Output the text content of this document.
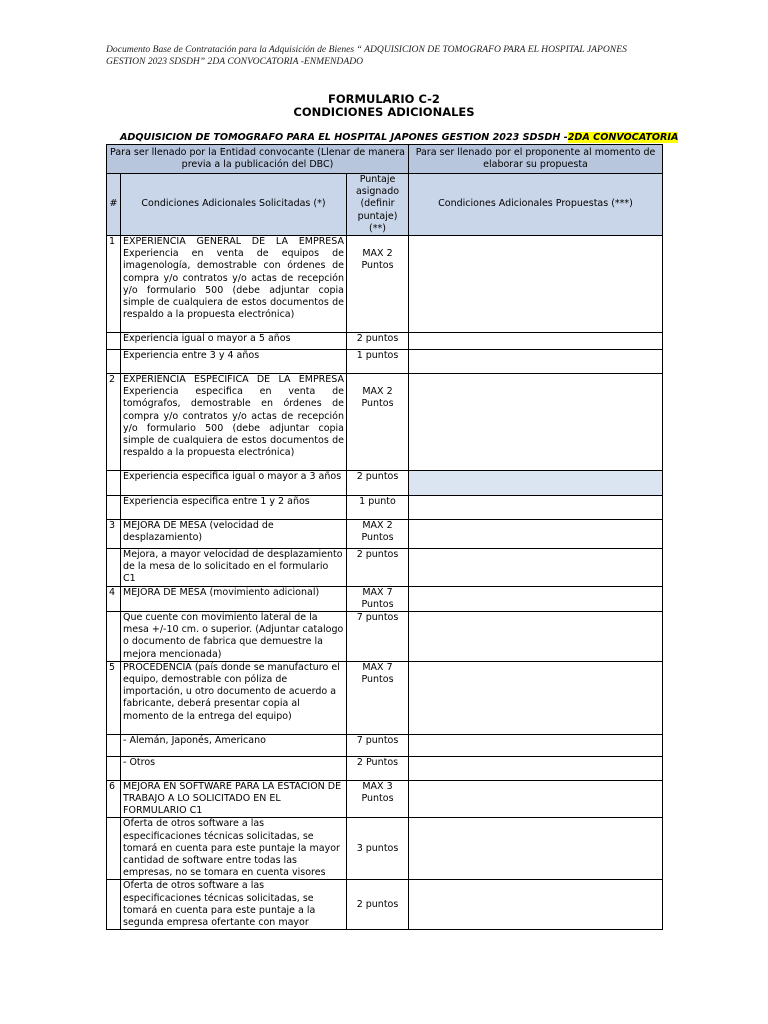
Documento Base de Contratación para la Adquisición de Bienes “ ADQUISICION DE TOMOGRAFO PARA EL HOSPITAL JAPONES GESTION 2023 SDSDH” 2DA CONVOCATORIA -ENMENDADO
FORMULARIO C-2
CONDICIONES ADICIONALES
ADQUISICION DE TOMOGRAFO PARA EL HOSPITAL JAPONES GESTION 2023 SDSDH -2DA CONVOCATORIA
Para ser llenado por la Entidad convocante (Llenar de manera previa a la publicación del DBC)			Para ser llenado por el proponente al momento de elaborar su propuesta
#	Condiciones Adicionales Solicitadas (*)	Puntaje asignado (definir puntaje) (**)	Condiciones Adicionales Propuestas (***)
1	EXPERIENCIA GENERAL DE LA EMPRESA Experiencia en venta de equipos de imagenología, demostrable con órdenes de compra y/o contratos y/o actas de recepción y/o formulario 500 (debe adjuntar copia simple de cualquiera de estos documentos de respaldo a la propuesta electrónica)	MAX 2 Puntos	
	Experiencia igual o mayor a 5 años	2 puntos	
	Experiencia entre 3 y 4 años	1 puntos	
2	EXPERIENCIA ESPECIFICA DE LA EMPRESA Experiencia especifica en venta de tomógrafos, demostrable en órdenes de compra y/o contratos y/o actas de recepción y/o formulario 500 (debe adjuntar copia simple de cualquiera de estos documentos de respaldo a la propuesta electrónica)	MAX 2 Puntos	
	Experiencia especifica igual o mayor a 3 años	2 puntos	
	Experiencia especifica entre 1 y 2 años	1 punto	
3	MEJORA DE MESA (velocidad de desplazamiento)	MAX 2 Puntos	
	Mejora, a mayor velocidad de desplazamiento de la mesa de lo solicitado en el formulario C1	2 puntos	
4	MEJORA DE MESA (movimiento adicional)	MAX 7 Puntos	
	Que cuente con movimiento lateral de la mesa +/-10 cm. o superior. (Adjuntar catalogo o documento de fabrica que demuestre la mejora mencionada)	7 puntos	
5	PROCEDENCIA (país donde se manufacturo el equipo, demostrable con póliza de importación, u otro documento de acuerdo a fabricante, deberá presentar copia al momento de la entrega del equipo)	MAX 7 Puntos	
	- Alemán, Japonés, Americano	7 puntos	
	- Otros	2 Puntos	
6	MEJORA EN SOFTWARE PARA LA ESTACION DE TRABAJO A LO SOLICITADO EN EL FORMULARIO C1	MAX 3 Puntos	
	Oferta de otros software a las especificaciones técnicas solicitadas, se tomará en cuenta para este puntaje la mayor cantidad de software entre todas las empresas, no se tomara en cuenta visores	3 puntos	
	Oferta de otros software a las especificaciones técnicas solicitadas, se tomará en cuenta para este puntaje a la segunda empresa ofertante con mayor	2 puntos	
